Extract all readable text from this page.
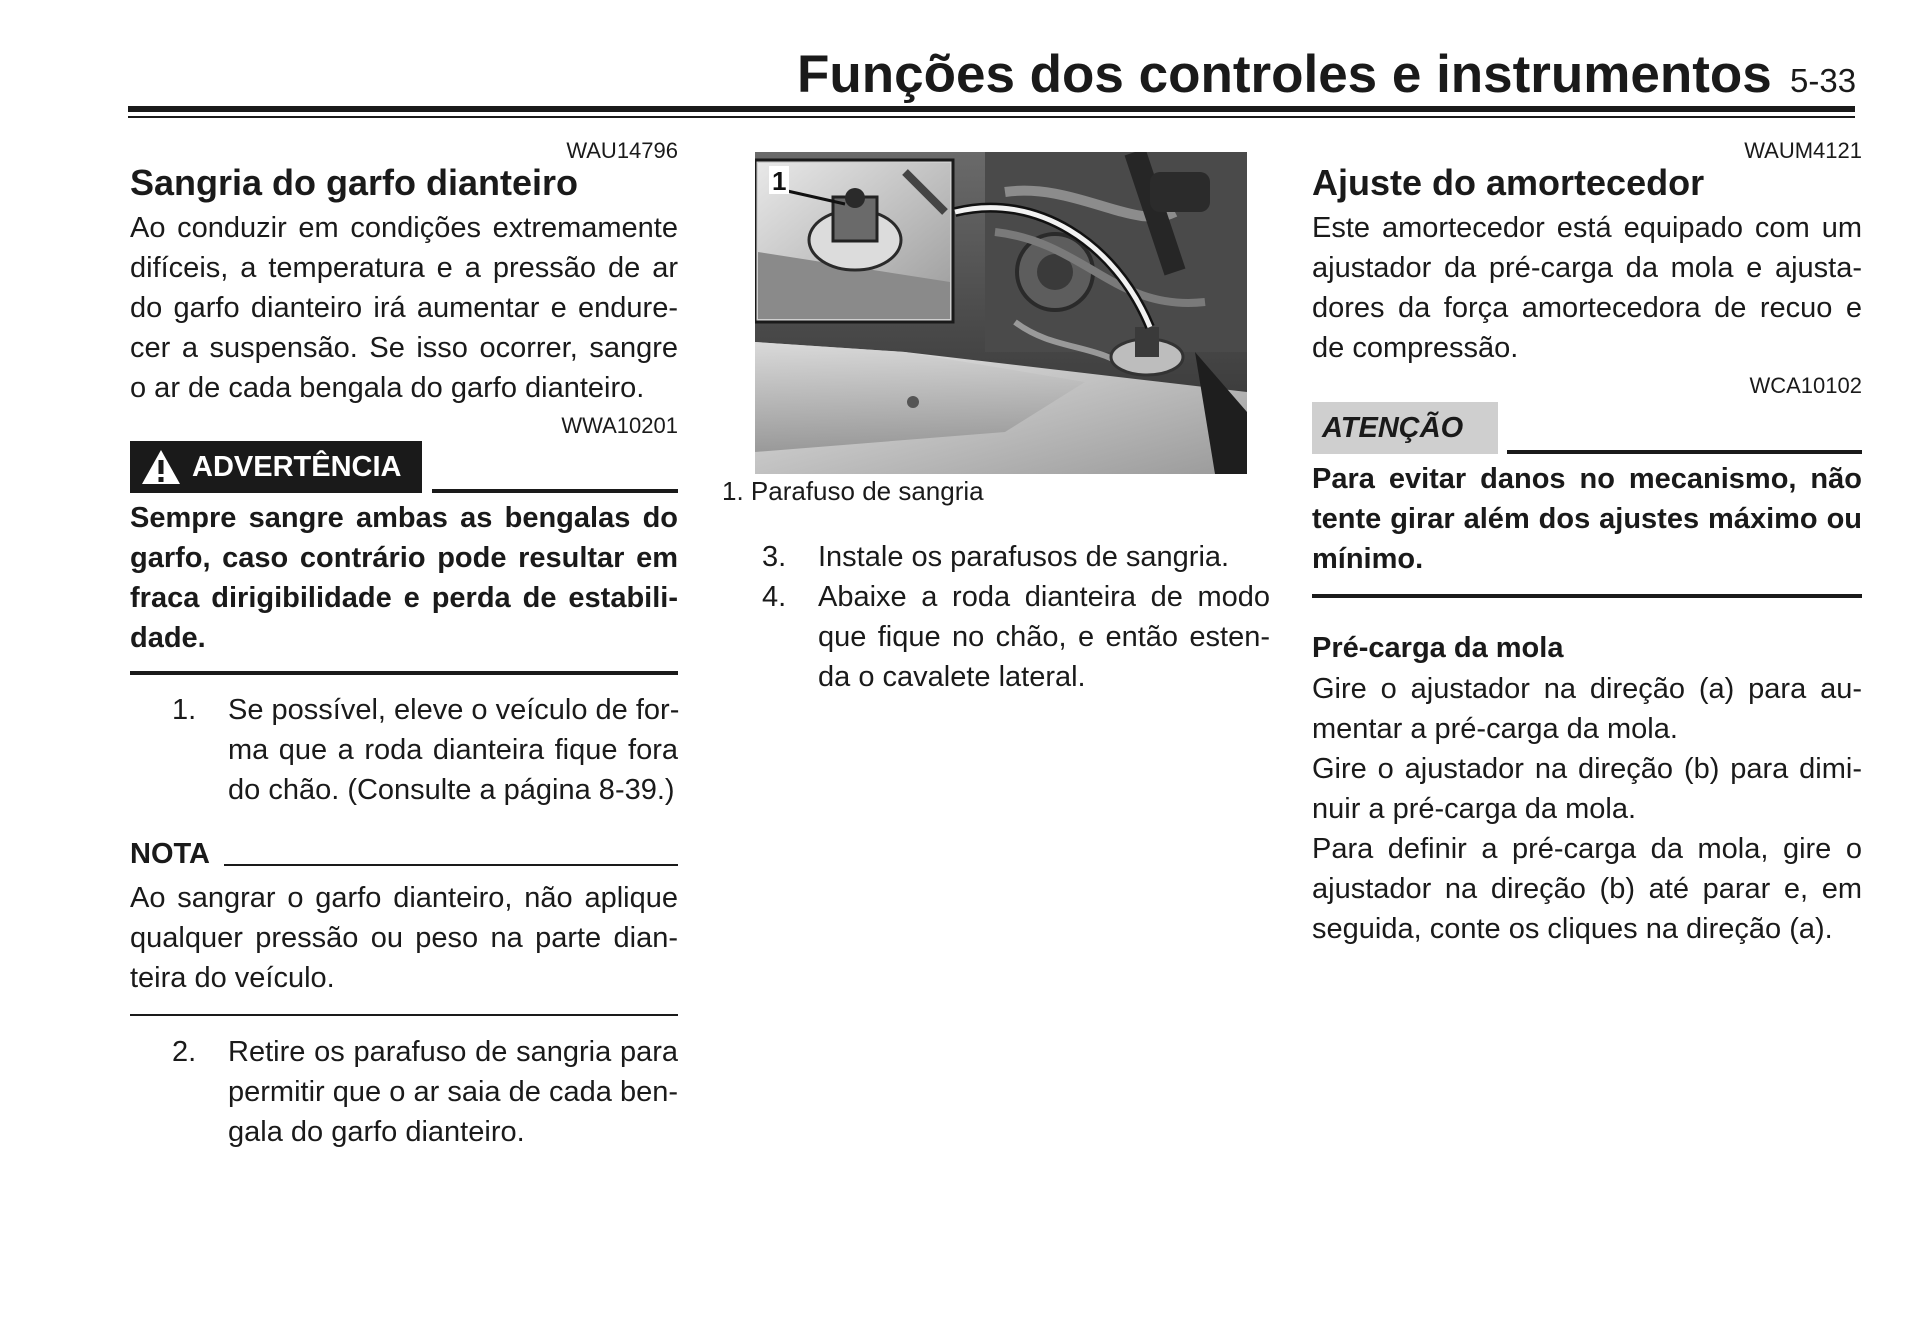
Funções dos controles e instrumentos 5-33
WAU14796
Sangria do garfo dianteiro
Ao conduzir em condições extremamente
difíceis, a temperatura e a pressão de ar
do garfo dianteiro irá aumentar e endure-
cer a suspensão. Se isso ocorrer, sangre
o ar de cada bengala do garfo dianteiro.
WWA10201
ADVERTÊNCIA
Sempre sangre ambas as bengalas do
garfo, caso contrário pode resultar em
fraca dirigibilidade e perda de estabili-
dade.
1. Se possível, eleve o veículo de for-
ma que a roda dianteira fique fora
do chão. (Consulte a página 8-39.)
NOTA
Ao sangrar o garfo dianteiro, não aplique
qualquer pressão ou peso na parte dian-
teira do veículo.
2. Retire os parafuso de sangria para
permitir que o ar saia de cada ben-
gala do garfo dianteiro.
1
1. Parafuso de sangria
3. Instale os parafusos de sangria.
4. Abaixe a roda dianteira de modo
que fique no chão, e então esten-
da o cavalete lateral.
WAUM4121
Ajuste do amortecedor
Este amortecedor está equipado com um
ajustador da pré-carga da mola e ajusta-
dores da força amortecedora de recuo e
de compressão.
WCA10102
ATENÇÃO
Para evitar danos no mecanismo, não
tente girar além dos ajustes máximo ou
mínimo.
Pré-carga da mola
Gire o ajustador na direção (a) para au-
mentar a pré-carga da mola.
Gire o ajustador na direção (b) para dimi-
nuir a pré-carga da mola.
Para definir a pré-carga da mola, gire o
ajustador na direção (b) até parar e, em
seguida, conte os cliques na direção (a).
